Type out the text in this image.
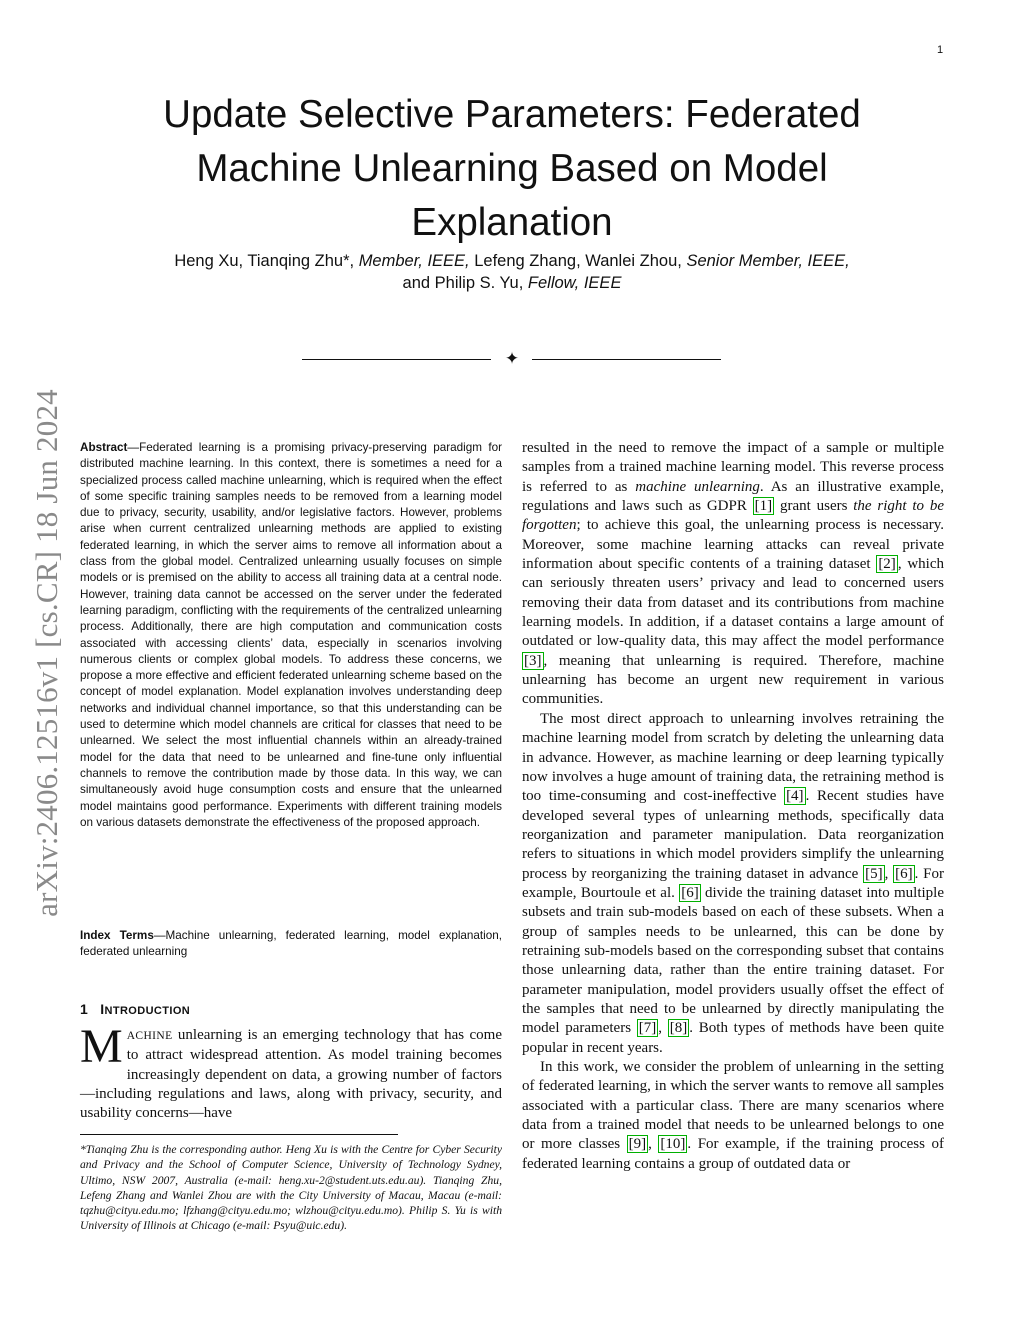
1
arXiv:2406.12516v1 [cs.CR] 18 Jun 2024
Update Selective Parameters: Federated Machine Unlearning Based on Model Explanation
Heng Xu, Tianqing Zhu*, Member, IEEE, Lefeng Zhang, Wanlei Zhou, Senior Member, IEEE,
and Philip S. Yu, Fellow, IEEE
✦

Abstract—Federated learning is a promising privacy-preserving paradigm for distributed machine learning. In this context, there is sometimes a need for a specialized process called machine unlearning, which is required when the effect of some specific training samples needs to be removed from a learning model due to privacy, security, usability, and/or legislative factors. However, problems arise when current centralized unlearning methods are applied to existing federated learning, in which the server aims to remove all information about a class from the global model. Centralized unlearning usually focuses on simple models or is premised on the ability to access all training data at a central node. However, training data cannot be accessed on the server under the federated learning paradigm, conflicting with the requirements of the centralized unlearning process. Additionally, there are high computation and communication costs associated with accessing clients’ data, especially in scenarios involving numerous clients or complex global models. To address these concerns, we propose a more effective and efficient federated unlearning scheme based on the concept of model explanation. Model explanation involves understanding deep networks and individual channel importance, so that this understanding can be used to determine which model channels are critical for classes that need to be unlearned. We select the most influential channels within an already-trained model for the data that need to be unlearned and fine-tune only influential channels to remove the contribution made by those data. In this way, we can simultaneously avoid huge consumption costs and ensure that the unlearned model maintains good performance. Experiments with different training models on various datasets demonstrate the effectiveness of the proposed approach.

Index Terms—Machine unlearning, federated learning, model explanation, federated unlearning

1 INTRODUCTION

MACHINE unlearning is an emerging technology that has come to attract widespread attention. As model training becomes increasingly dependent on data, a growing number of factors—including regulations and laws, along with privacy, security, and usability concerns—have

*Tianqing Zhu is the corresponding author. Heng Xu is with the Centre for Cyber Security and Privacy and the School of Computer Science, University of Technology Sydney, Ultimo, NSW 2007, Australia (e-mail: heng.xu-2@student.uts.edu.au). Tianqing Zhu, Lefeng Zhang and Wanlei Zhou are with the City University of Macau, Macau (e-mail: tqzhu@cityu.edu.mo; lfzhang@cityu.edu.mo; wlzhou@cityu.edu.mo). Philip S. Yu is with University of Illinois at Chicago (e-mail: Psyu@uic.edu).

resulted in the need to remove the impact of a sample or multiple samples from a trained machine learning model. This reverse process is referred to as machine unlearning. As an illustrative example, regulations and laws such as GDPR [1] grant users the right to be forgotten; to achieve this goal, the unlearning process is necessary. Moreover, some machine learning attacks can reveal private information about specific contents of a training dataset [2] , which can seriously threaten users’ privacy and lead to concerned users removing their data from dataset and its contributions from machine learning models. In addition, if a dataset contains a large amount of outdated or low-quality data, this may affect the model performance [3] , meaning that unlearning is required. Therefore, machine unlearning has become an urgent new requirement in various communities.

The most direct approach to unlearning involves retraining the machine learning model from scratch by deleting the unlearning data in advance. However, as machine learning or deep learning typically now involves a huge amount of training data, the retraining method is too time-consuming and cost-ineffective [4] . Recent studies have developed several types of unlearning methods, specifically data reorganization and parameter manipulation. Data reorganization refers to situations in which model providers simplify the unlearning process by reorganizing the training dataset in advance [5] , [6] . For example, Bourtoule et al. [6] divide the training dataset into multiple subsets and train sub-models based on each of these subsets. When a group of samples needs to be unlearned, this can be done by retraining sub-models based on the corresponding subset that contains those unlearning data, rather than the entire training dataset. For parameter manipulation, model providers usually offset the effect of the samples that need to be unlearned by directly manipulating the model parameters [7] , [8] . Both types of methods have been quite popular in recent years.

In this work, we consider the problem of unlearning in the setting of federated learning, in which the server wants to remove all samples associated with a particular class. There are many scenarios where data from a trained model that needs to be unlearned belongs to one or more classes [9] , [10] . For example, if the training process of federated learning contains a group of outdated data or
